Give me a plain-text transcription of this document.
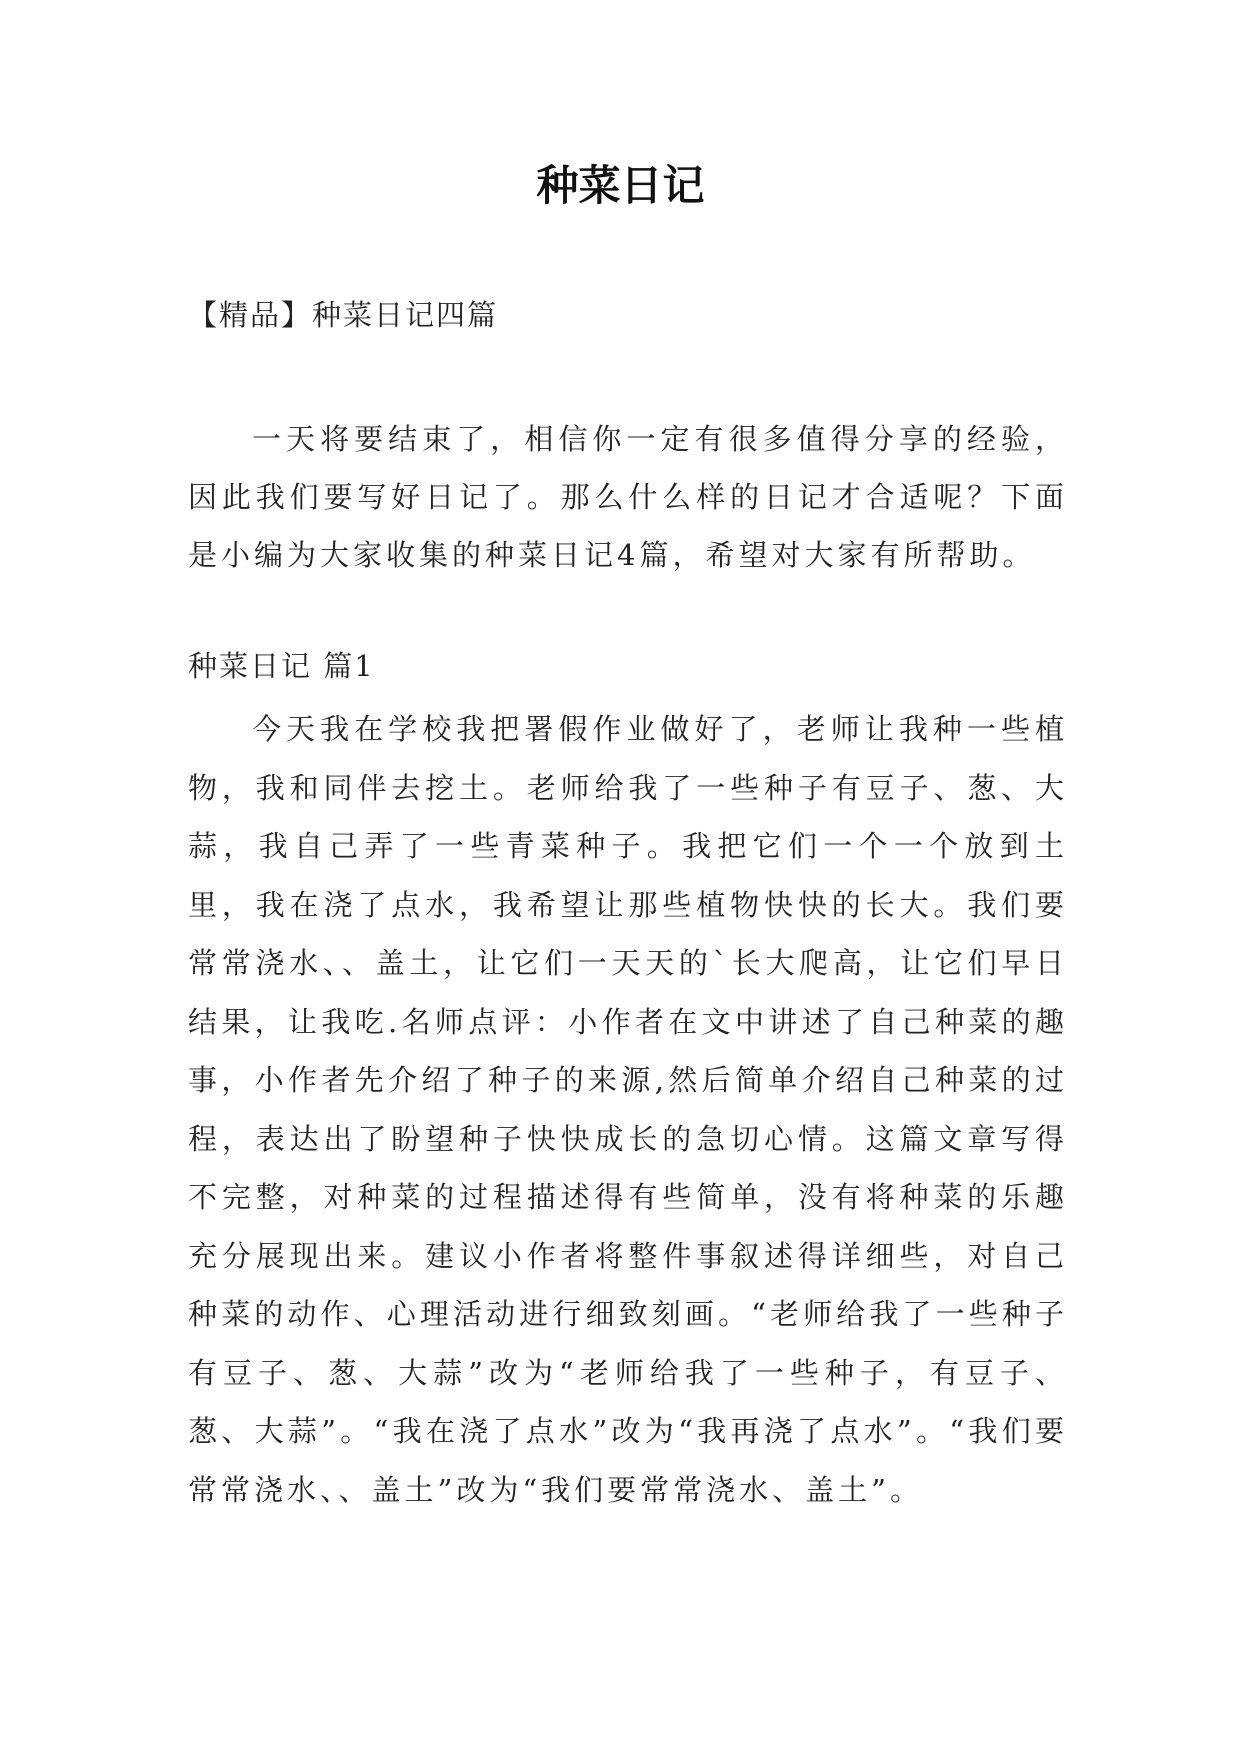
种菜日记

【精品】种菜日记四篇

一天将要结束了，相信你一定有很多值得分享的经验，因此我们要写好日记了。那么什么样的日记才合适呢？下面是小编为大家收集的种菜日记4篇，希望对大家有所帮助。

种菜日记 篇1

今天我在学校我把署假作业做好了，老师让我种一些植物，我和同伴去挖土。老师给我了一些种子有豆子、葱、大蒜，我自己弄了一些青菜种子。我把它们一个一个放到土里，我在浇了点水，我希望让那些植物快快的长大。我们要常常浇水、、盖土，让它们一天天的`长大爬高，让它们早日结果，让我吃.名师点评：小作者在文中讲述了自己种菜的趣事，小作者先介绍了种子的来源,然后简单介绍自己种菜的过程，表达出了盼望种子快快成长的急切心情。这篇文章写得不完整，对种菜的过程描述得有些简单，没有将种菜的乐趣充分展现出来。建议小作者将整件事叙述得详细些，对自己种菜的动作、心理活动进行细致刻画。“老师给我了一些种子有豆子、葱、大蒜”改为“老师给我了一些种子，有豆子、葱、大蒜”。“我在浇了点水”改为“我再浇了点水”。“我们要常常浇水、、盖土”改为“我们要常常浇水、盖土”。
